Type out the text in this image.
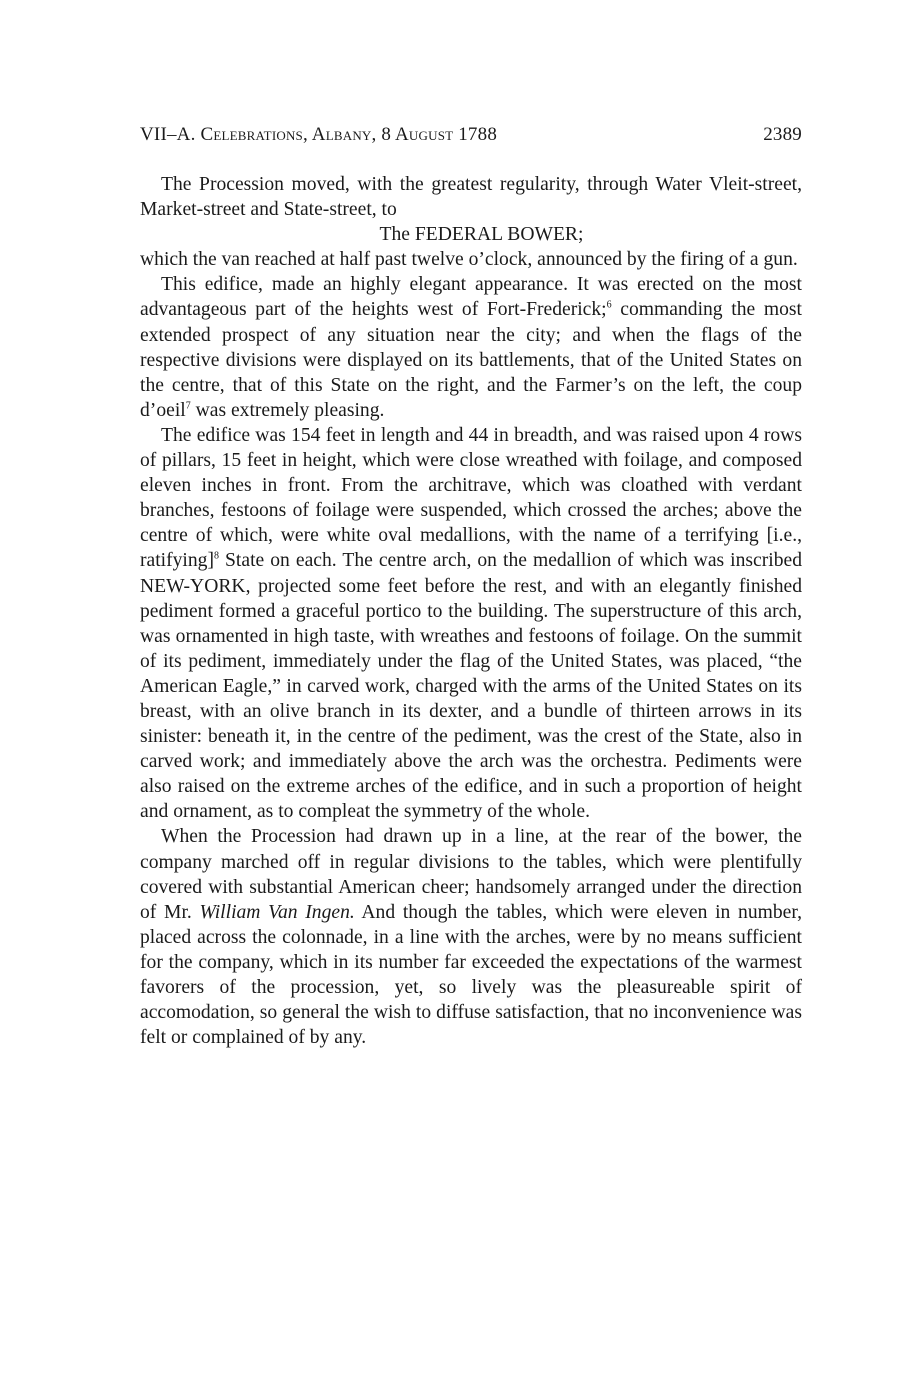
VII–A. Celebrations, Albany, 8 August 1788	2389

The Procession moved, with the greatest regularity, through Water Vleit-street, Market-street and State-street, to

The FEDERAL BOWER;

which the van reached at half past twelve o’clock, announced by the firing of a gun.

This edifice, made an highly elegant appearance. It was erected on the most advantageous part of the heights west of Fort-Frederick;$^6$ commanding the most extended prospect of any situation near the city; and when the flags of the respective divisions were displayed on its battlements, that of the United States on the centre, that of this State on the right, and the Farmer’s on the left, the coup d’oeil$^7$ was extremely pleasing.

The edifice was 154 feet in length and 44 in breadth, and was raised upon 4 rows of pillars, 15 feet in height, which were close wreathed with foilage, and composed eleven inches in front. From the architrave, which was cloathed with verdant branches, festoons of foilage were suspended, which crossed the arches; above the centre of which, were white oval medallions, with the name of a terrifying [i.e., ratifying]$^8$ State on each. The centre arch, on the medallion of which was inscribed NEW-YORK, projected some feet before the rest, and with an elegantly finished pediment formed a graceful portico to the building. The superstructure of this arch, was ornamented in high taste, with wreathes and festoons of foilage. On the summit of its pediment, immediately under the flag of the United States, was placed, “the American Eagle,” in carved work, charged with the arms of the United States on its breast, with an olive branch in its dexter, and a bundle of thirteen arrows in its sinister: beneath it, in the centre of the pediment, was the crest of the State, also in carved work; and immediately above the arch was the orchestra. Pediments were also raised on the extreme arches of the edifice, and in such a proportion of height and ornament, as to compleat the symmetry of the whole.

When the Procession had drawn up in a line, at the rear of the bower, the company marched off in regular divisions to the tables, which were plentifully covered with substantial American cheer; handsomely arranged under the direction of Mr. William Van Ingen. And though the tables, which were eleven in number, placed across the colonnade, in a line with the arches, were by no means sufficient for the company, which in its number far exceeded the expectations of the warmest favorers of the procession, yet, so lively was the pleasureable spirit of accomodation, so general the wish to diffuse satisfaction, that no inconvenience was felt or complained of by any.
